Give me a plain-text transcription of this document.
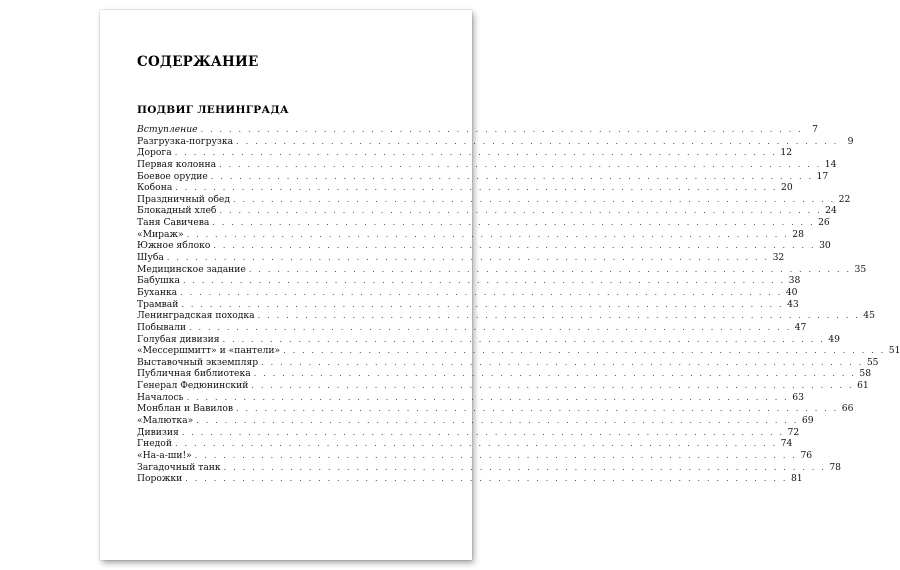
СОДЕРЖАНИЕ
ПОДВИГ ЛЕНИНГРАДА
Вступление . . . . . . . . . . . . . . . . . . . . . . . . . . . . . . . . . . . . . . . . . . . . . . . . . . . . . . . . . . . . . . . . 7
Разгрузка-погрузка . . . . . . . . . . . . . . . . . . . . . . . . . . . . . . . . . . . . . . . . . . . . . . . . . . . . . . . . . . . . . . . . 9
Дорога . . . . . . . . . . . . . . . . . . . . . . . . . . . . . . . . . . . . . . . . . . . . . . . . . . . . . . . . . . . . . . . . 12
Первая колонна . . . . . . . . . . . . . . . . . . . . . . . . . . . . . . . . . . . . . . . . . . . . . . . . . . . . . . . . . . . . . . . . 14
Боевое орудие . . . . . . . . . . . . . . . . . . . . . . . . . . . . . . . . . . . . . . . . . . . . . . . . . . . . . . . . . . . . . . . . 17
Кобона . . . . . . . . . . . . . . . . . . . . . . . . . . . . . . . . . . . . . . . . . . . . . . . . . . . . . . . . . . . . . . . . 20
Праздничный обед . . . . . . . . . . . . . . . . . . . . . . . . . . . . . . . . . . . . . . . . . . . . . . . . . . . . . . . . . . . . . . . . 22
Блокадный хлеб . . . . . . . . . . . . . . . . . . . . . . . . . . . . . . . . . . . . . . . . . . . . . . . . . . . . . . . . . . . . . . . . 24
Таня Савичева . . . . . . . . . . . . . . . . . . . . . . . . . . . . . . . . . . . . . . . . . . . . . . . . . . . . . . . . . . . . . . . . 26
«Мираж» . . . . . . . . . . . . . . . . . . . . . . . . . . . . . . . . . . . . . . . . . . . . . . . . . . . . . . . . . . . . . . . . 28
Южное яблоко . . . . . . . . . . . . . . . . . . . . . . . . . . . . . . . . . . . . . . . . . . . . . . . . . . . . . . . . . . . . . . . . 30
Шуба . . . . . . . . . . . . . . . . . . . . . . . . . . . . . . . . . . . . . . . . . . . . . . . . . . . . . . . . . . . . . . . . 32
Медицинское задание . . . . . . . . . . . . . . . . . . . . . . . . . . . . . . . . . . . . . . . . . . . . . . . . . . . . . . . . . . . . . . . . 35
Бабушка . . . . . . . . . . . . . . . . . . . . . . . . . . . . . . . . . . . . . . . . . . . . . . . . . . . . . . . . . . . . . . . . 38
Буханка . . . . . . . . . . . . . . . . . . . . . . . . . . . . . . . . . . . . . . . . . . . . . . . . . . . . . . . . . . . . . . . . 40
Трамвай . . . . . . . . . . . . . . . . . . . . . . . . . . . . . . . . . . . . . . . . . . . . . . . . . . . . . . . . . . . . . . . . 43
Ленинградская походка . . . . . . . . . . . . . . . . . . . . . . . . . . . . . . . . . . . . . . . . . . . . . . . . . . . . . . . . . . . . . . . . 45
Побывали . . . . . . . . . . . . . . . . . . . . . . . . . . . . . . . . . . . . . . . . . . . . . . . . . . . . . . . . . . . . . . . . 47
Голубая дивизия . . . . . . . . . . . . . . . . . . . . . . . . . . . . . . . . . . . . . . . . . . . . . . . . . . . . . . . . . . . . . . . . 49
«Мессершмитт» и «пантели» . . . . . . . . . . . . . . . . . . . . . . . . . . . . . . . . . . . . . . . . . . . . . . . . . . . . . . . . . . . . . . . . 51
Выставочный экземпляр . . . . . . . . . . . . . . . . . . . . . . . . . . . . . . . . . . . . . . . . . . . . . . . . . . . . . . . . . . . . . . . . 55
Публичная библиотека . . . . . . . . . . . . . . . . . . . . . . . . . . . . . . . . . . . . . . . . . . . . . . . . . . . . . . . . . . . . . . . . 58
Генерал Федюнинский . . . . . . . . . . . . . . . . . . . . . . . . . . . . . . . . . . . . . . . . . . . . . . . . . . . . . . . . . . . . . . . . 61
Началось . . . . . . . . . . . . . . . . . . . . . . . . . . . . . . . . . . . . . . . . . . . . . . . . . . . . . . . . . . . . . . . . 63
Монблан и Вавилов . . . . . . . . . . . . . . . . . . . . . . . . . . . . . . . . . . . . . . . . . . . . . . . . . . . . . . . . . . . . . . . . 66
«Малютка» . . . . . . . . . . . . . . . . . . . . . . . . . . . . . . . . . . . . . . . . . . . . . . . . . . . . . . . . . . . . . . . . 69
Дивизия . . . . . . . . . . . . . . . . . . . . . . . . . . . . . . . . . . . . . . . . . . . . . . . . . . . . . . . . . . . . . . . . 72
Гнедой . . . . . . . . . . . . . . . . . . . . . . . . . . . . . . . . . . . . . . . . . . . . . . . . . . . . . . . . . . . . . . . . 74
«На-а-ши!» . . . . . . . . . . . . . . . . . . . . . . . . . . . . . . . . . . . . . . . . . . . . . . . . . . . . . . . . . . . . . . . . 76
Загадочный танк . . . . . . . . . . . . . . . . . . . . . . . . . . . . . . . . . . . . . . . . . . . . . . . . . . . . . . . . . . . . . . . . 78
Порожки . . . . . . . . . . . . . . . . . . . . . . . . . . . . . . . . . . . . . . . . . . . . . . . . . . . . . . . . . . . . . . . . 81
